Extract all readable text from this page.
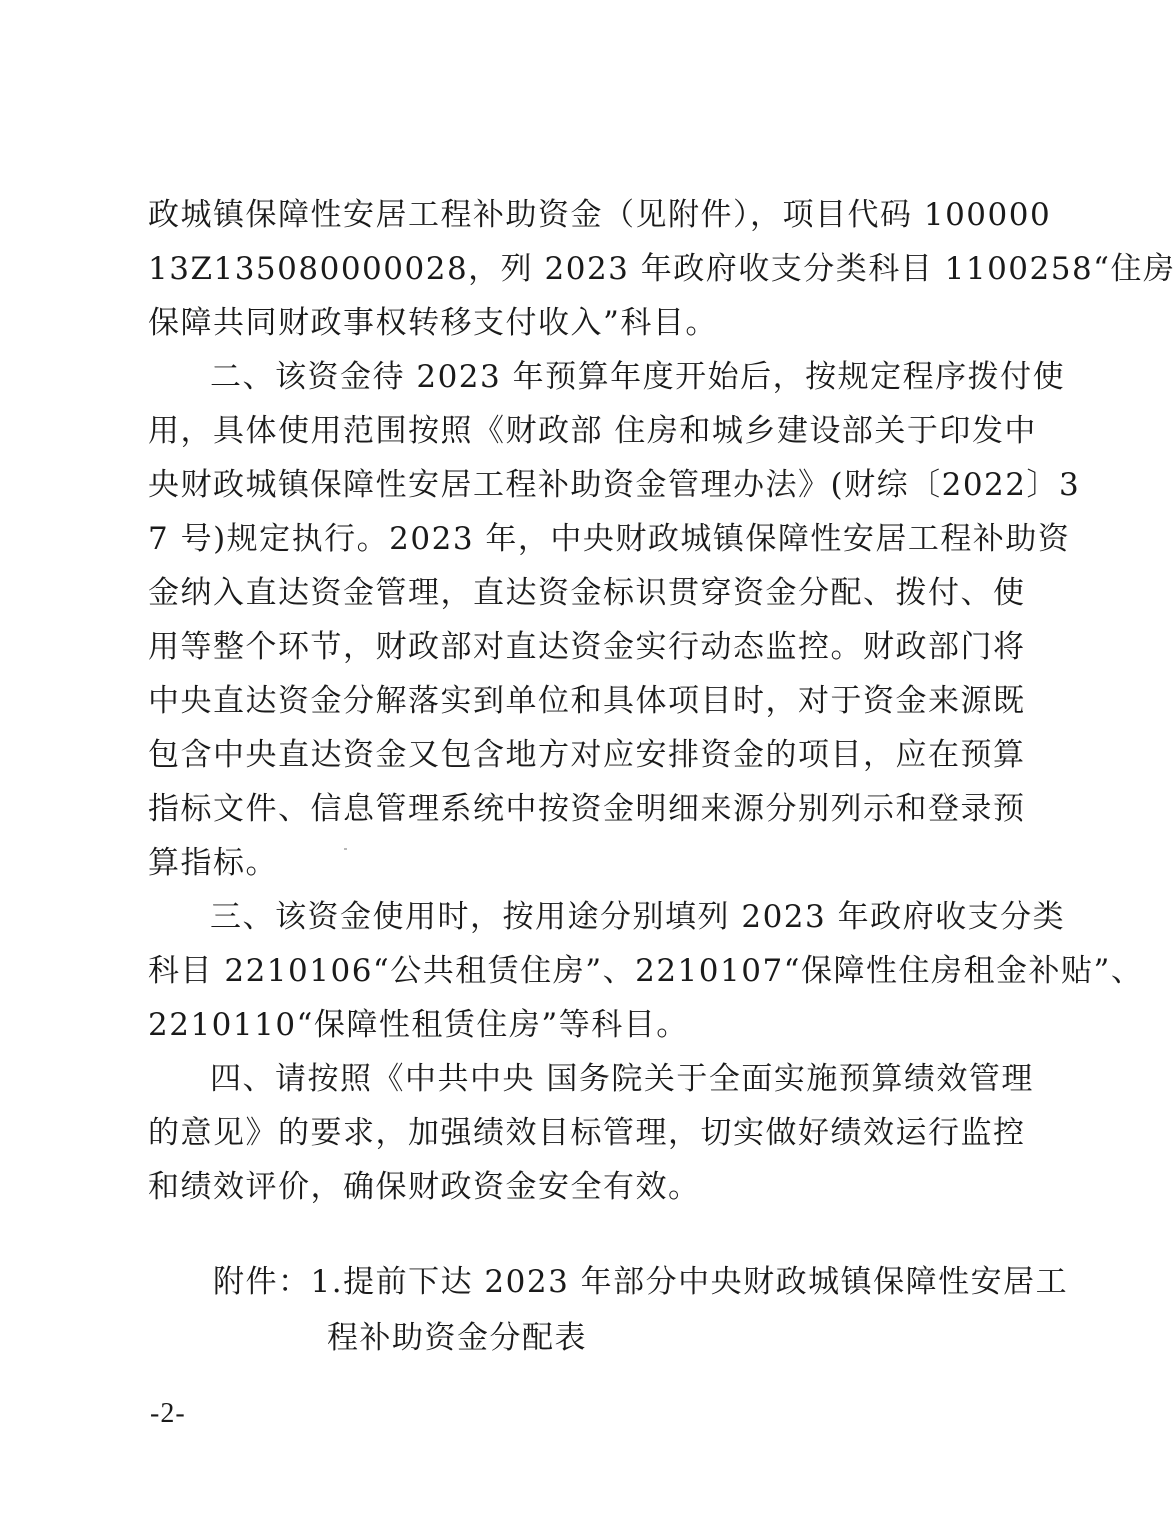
政城镇保障性安居工程补助资金（见附件），项目代码 100000
13Z135080000028，列 2023 年政府收支分类科目 1100258“住房
保障共同财政事权转移支付收入”科目。
二、该资金待 2023 年预算年度开始后，按规定程序拨付使
用，具体使用范围按照《财政部 住房和城乡建设部关于印发中
央财政城镇保障性安居工程补助资金管理办法》(财综〔2022〕3
7 号)规定执行。2023 年，中央财政城镇保障性安居工程补助资
金纳入直达资金管理，直达资金标识贯穿资金分配、拨付、使
用等整个环节，财政部对直达资金实行动态监控。财政部门将
中央直达资金分解落实到单位和具体项目时，对于资金来源既
包含中央直达资金又包含地方对应安排资金的项目，应在预算
指标文件、信息管理系统中按资金明细来源分别列示和登录预
算指标。
三、该资金使用时，按用途分别填列 2023 年政府收支分类
科目 2210106“公共租赁住房”、2210107“保障性住房租金补贴”、
2210110“保障性租赁住房”等科目。
四、请按照《中共中央 国务院关于全面实施预算绩效管理
的意见》的要求，加强绩效目标管理，切实做好绩效运行监控
和绩效评价，确保财政资金安全有效。
附件：1.提前下达 2023 年部分中央财政城镇保障性安居工
程补助资金分配表
-2-
